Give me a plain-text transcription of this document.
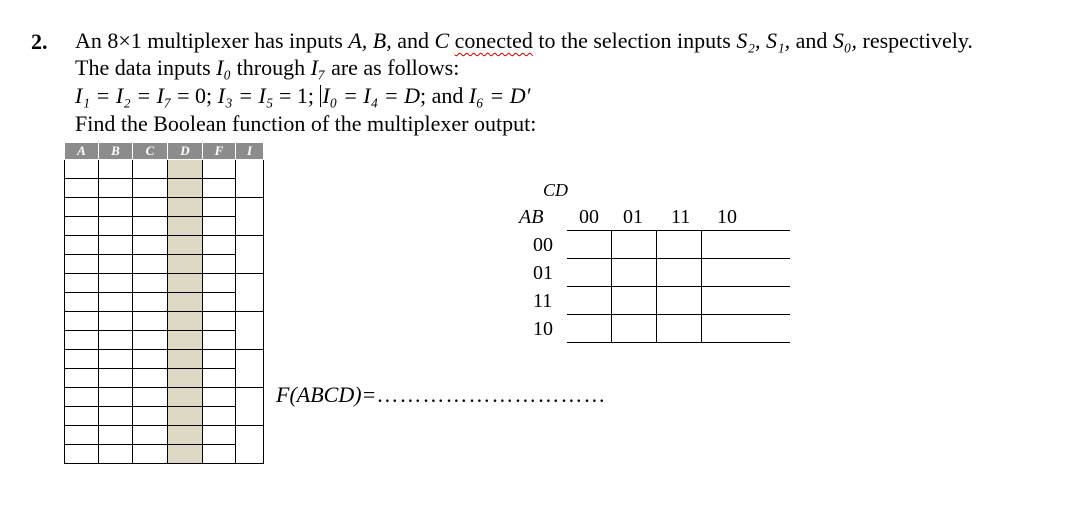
2. An 8×1 multiplexer has inputs A, B, and C conected to the selection inputs S₂, S₁, and S₀, respectively.
The data inputs I₀ through I₇ are as follows:
I₁ = I₂ = I₇ = 0; I₃ = I₅ = 1; I₀ = I₄ = D; and I₆ = D′
Find the Boolean function of the multiplexer output:
A	B	C	D	F	I

F(ABCD)=…………………………
CD
AB 00 01 11 10
00
01
11
10
